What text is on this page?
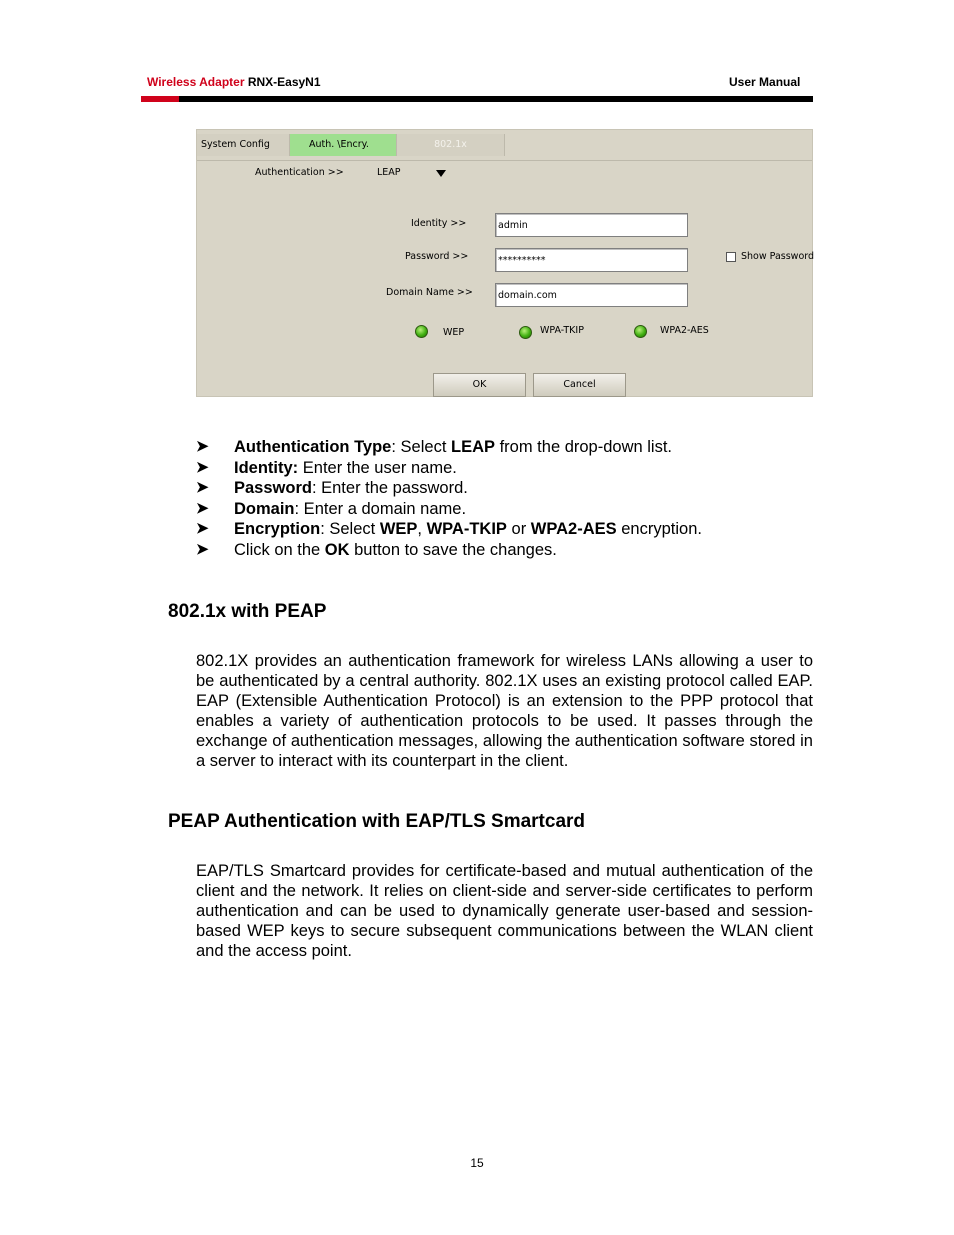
Wireless Adapter RNX-EasyN1	User Manual
System Config	Auth. \Encry.	802.1x
Authentication >>	LEAP
Identity >>
admin
Password >>
**********	Show Password
Domain Name >>
domain.com
WEP	WPA-TKIP	WPA2-AES
OK	Cancel
➤ Authentication Type: Select LEAP from the drop-down list.
➤ Identity: Enter the user name.
➤ Password: Enter the password.
➤ Domain: Enter a domain name.
➤ Encryption: Select WEP, WPA-TKIP or WPA2-AES encryption.
➤ Click on the OK button to save the changes.
802.1x with PEAP
802.1X provides an authentication framework for wireless LANs allowing a user to be authenticated by a central authority. 802.1X uses an existing protocol called EAP. EAP (Extensible Authentication Protocol) is an extension to the PPP protocol that enables a variety of authentication protocols to be used. It passes through the exchange of authentication messages, allowing the authentication software stored in a server to interact with its counterpart in the client.
PEAP Authentication with EAP/TLS Smartcard
EAP/TLS Smartcard provides for certificate-based and mutual authentication of the client and the network. It relies on client-side and server-side certificates to perform authentication and can be used to dynamically generate user-based and session-based WEP keys to secure subsequent communications between the WLAN client and the access point.
15
